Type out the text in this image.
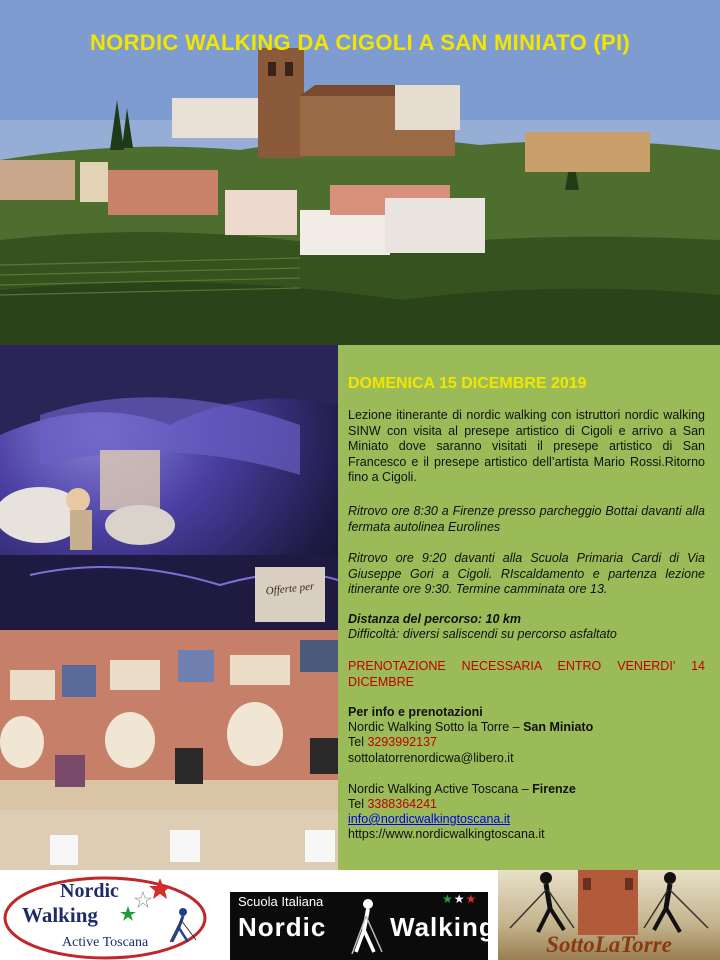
NORDIC WALKING DA CIGOLI A SAN MINIATO (PI)
Offerte per
DOMENICA 15 DICEMBRE 2019
Lezione itinerante di nordic walking con istruttori nordic walking SINW con visita al presepe artistico di Cigoli e arrivo a San Miniato dove saranno visitati il presepe artistico di San Francesco e il presepe artistico dell’artista Mario Rossi.Ritorno fino a Cigoli.
Ritrovo ore 8:30 a Firenze presso parcheggio Bottai davanti alla fermata autolinea Eurolines
Ritrovo ore 9:20 davanti alla Scuola Primaria Cardi di Via Giuseppe Gori a Cigoli. RIscaldamento e partenza lezione itinerante ore 9:30. Termine camminata ore 13.
Distanza del percorso: 10 km
Difficoltà: diversi saliscendi su percorso asfaltato
PRENOTAZIONE NECESSARIA ENTRO VENERDI’ 14 DICEMBRE
Per info e prenotazioni
Nordic Walking Sotto la Torre – San Miniato
Tel 3293992137
sottolatorrenordicwa@libero.it
Nordic Walking Active Toscana – Firenze
Tel 3388364241
info@nordicwalkingtoscana.it
https://www.nordicwalkingtoscana.it
Nordic
Walking
Active Toscana
Scuola Italiana	★★★
Nordic Walking
SottoLaTorre
